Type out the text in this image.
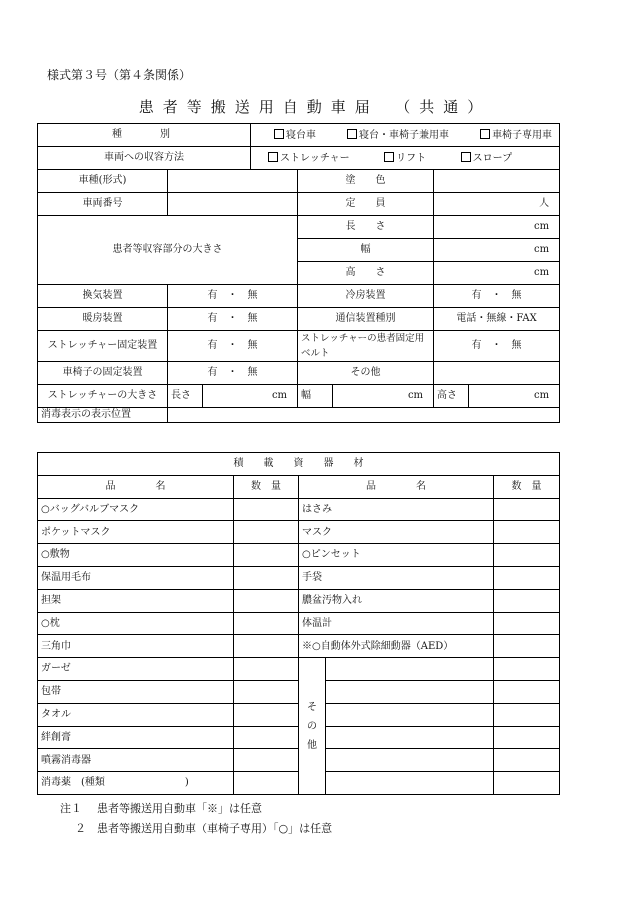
様式第３号（第４条関係）
患者等搬送用自動車届　（共通）
種　　別			寝台車 寝台・車椅子兼用車 車椅子専用車				

車両への収容方法			ストレッチャー リフト スロープ				

車種(形式)				塗　　色			
車両番号				定　　員		人	
患者等収容部分の大きさ				長　　さ		cm	
				幅		cm	
				高　　さ		cm	
換気装置	有　・　無			冷房装置		有　・　無	
暖房装置	有　・　無			通信装置種別		電話・無線・FAX	
ストレッチャー固定装置	有　・　無			ストレッチャーの患者固定用ベルト		有　・　無	
車椅子の固定装置	有　・　無			その他			
ストレッチャーの大きさ	長さ	cm		幅	cm	高さ	cm
消毒表示の表示位置							
積　　載　　資　　器　　材				
品　　　　名	数　量	品　　　　名		数　量
○バッグバルブマスク		はさみ		
ポケットマスク		マスク		
○敷物		○ピンセット		
保温用毛布		手袋		
担架		膿盆汚物入れ		
○枕		体温計		
三角巾		※○自動体外式除細動器（AED）		
ガーゼ		その他		

包帯				
タオル				
絆創膏				
噴霧消毒器				
消毒薬　(種類　　　　　　　　)				
注１　 患者等搬送用自動車「※」は任意
２　 患者等搬送用自動車（車椅子専用）「○」は任意
